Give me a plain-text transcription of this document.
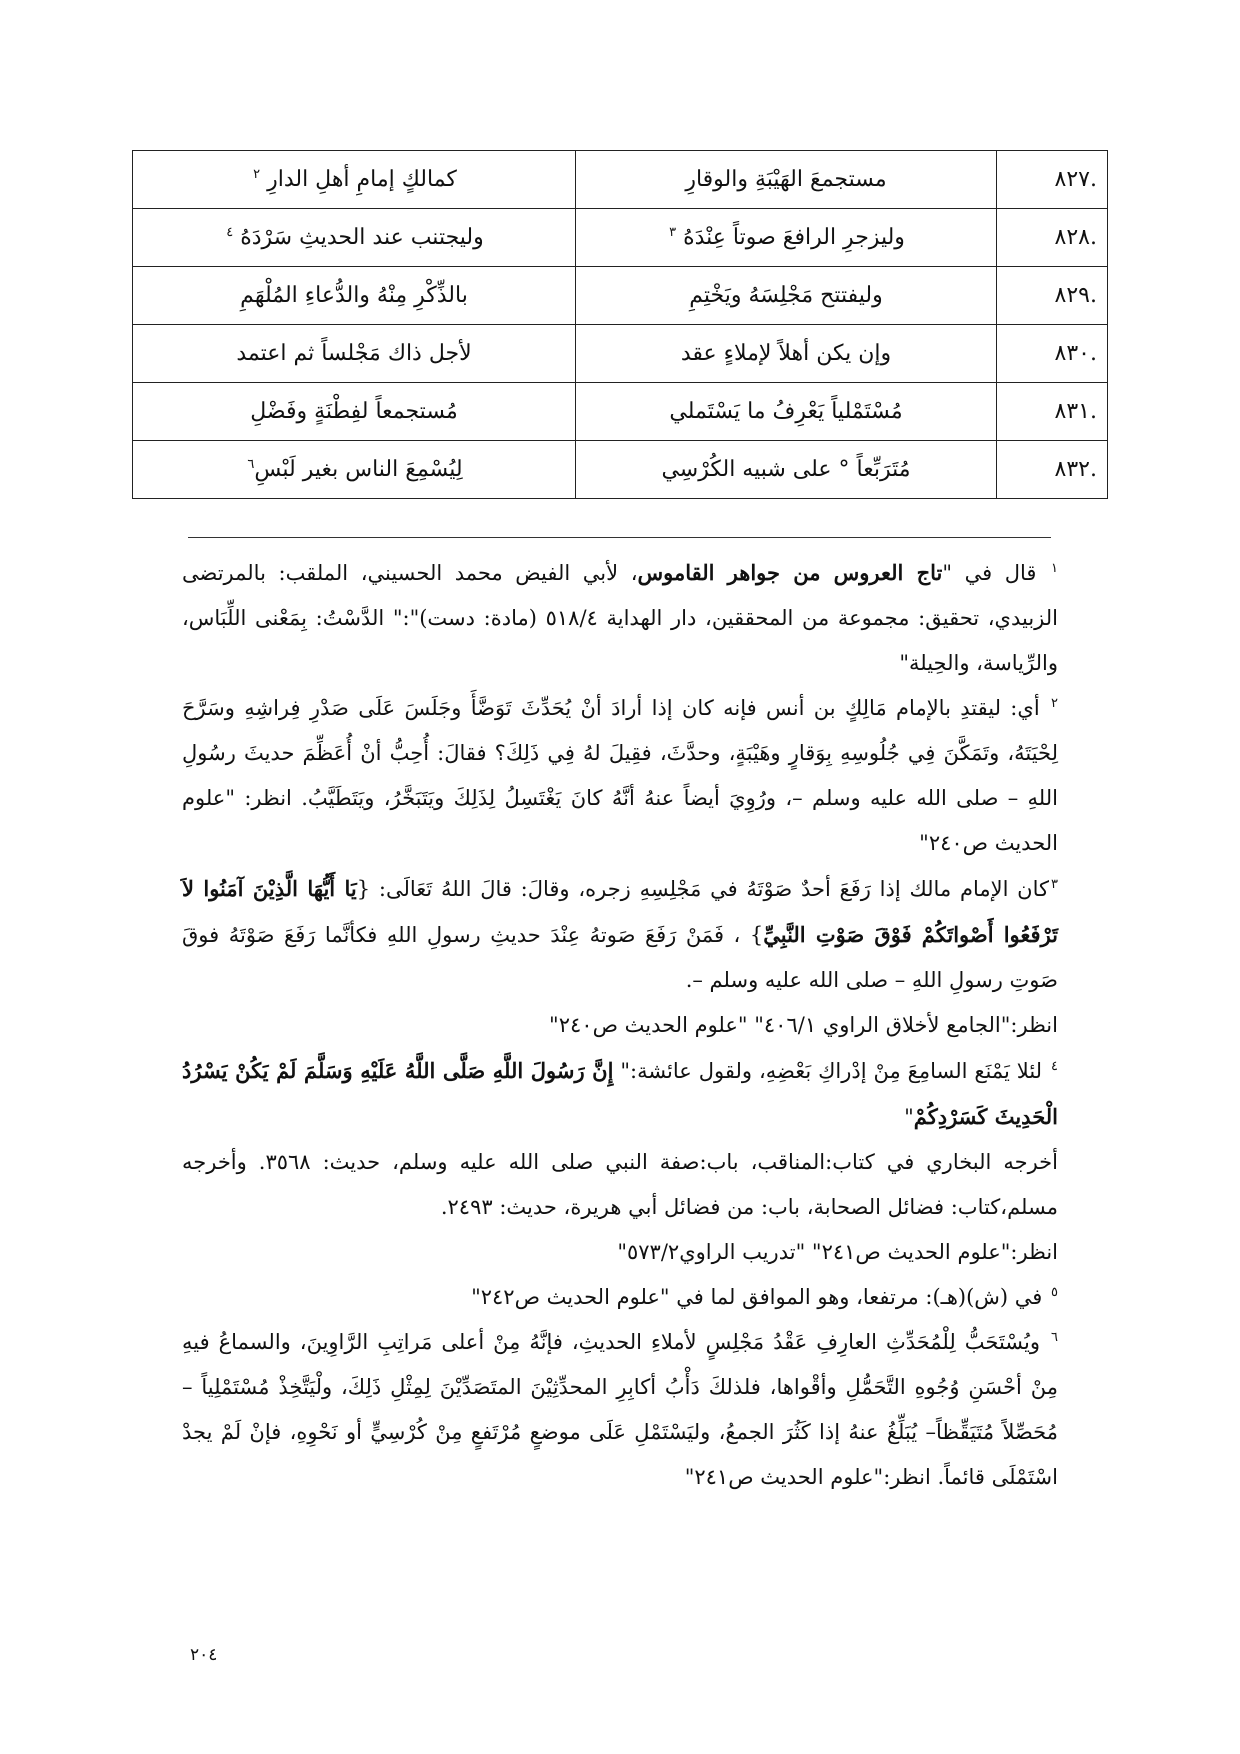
.٨٢٧	مستجمعَ الهَيْبَةِ والوقارِ	كمالكٍ إمامِ أهلِ الدارِ $^٢$
.٨٢٨	وليزجرِ الرافعَ صوتاً عِنْدَهُ $^٣$	وليجتنب عند الحديثِ سَرْدَهُ $^٤$
.٨٢٩	وليفتتح مَجْلِسَهُ ويَخْتِمِ	بالذِّكْرِ مِنْهُ والدُّعاءِ المُلْهَمِ
.٨٣٠	وإن يكن أهلاً لإملاءٍ عقد	لأجل ذاك مَجْلساً ثم اعتمد
.٨٣١	مُسْتَمْلياً يَعْرِفُ ما يَسْتَملي	مُستجمعاً لفِطْنَةٍ وفَضْلِ
.٨٣٢	مُتَرَبِّعاً ° على شبيه الكُرْسِي	لِيُسْمِعَ الناس بغير لَبْسِ$^٦$

$^١$ قال في "تاج العروس من جواهر القاموس، لأبي الفيض محمد الحسيني، الملقب: بالمرتضى الزبيدي، تحقيق: مجموعة من المحققين، دار الهداية ٥١٨/٤ (مادة: دست)":" الدَّسْتُ: بِمَعْنى اللِّبَاس، والرِّياسة، والحِيلة"

$^٢$ أي: ليقتدِ بالإمام مَالِكٍ بن أنس فإنه كان إذا أرادَ أنْ يُحَدِّثَ تَوَضَّأَ وجَلَسَ عَلَى صَدْرِ فِراشِهِ وسَرَّحَ لِحْيَتَهُ، وتَمَكَّنَ فِي جُلُوسِهِ بِوَقارٍ وهَيْبَةٍ، وحدَّثَ، فقِيلَ لهُ فِي ذَلِكَ؟ فقالَ: أُحِبُّ أنْ أُعَظِّمَ حديثَ رسُولِ اللهِ – صلى الله عليه وسلم –، ورُوِيَ أيضاً عنهُ أنَّهُ كانَ يَغْتَسِلُ لِذَلِكَ ويَتَبَخَّرُ، ويَتَطَيَّبُ. انظر: "علوم الحديث ص٢٤٠"

$^٣$كان الإمام مالك إذا رَفَعَ أحدٌ صَوْتَهُ في مَجْلِسِهِ زجره، وقالَ: قالَ اللهُ تَعَالَى: {يَا أَيُّهَا الَّذِيْنَ آمَنُوا لاَ تَرْفَعُوا أَصْواتَكُمْ فَوْقَ صَوْتِ النَّبِيِّ} ، فَمَنْ رَفَعَ صَوتهُ عِنْدَ حديثِ رسولِ اللهِ فكأنَّما رَفَعَ صَوْتَهُ فوقَ صَوتِ رسولِ اللهِ – صلى الله عليه وسلم –.
انظر:"الجامع لأخلاق الراوي ٤٠٦/١" "علوم الحديث ص٢٤٠"

$^٤$ لئلا يَمْنَع السامِعَ مِنْ إدْراكِ بَعْضِهِ، ولقول عائشة:" إِنَّ رَسُولَ اللَّهِ صَلَّى اللَّهُ عَلَيْهِ وَسَلَّمَ لَمْ يَكُنْ يَسْرُدُ الْحَدِيثَ كَسَرْدِكُمْ"
أخرجه البخاري في كتاب:المناقب، باب:صفة النبي صلى الله عليه وسلم، حديث: ٣٥٦٨. وأخرجه مسلم،كتاب: فضائل الصحابة، باب: من فضائل أبي هريرة، حديث: ٢٤٩٣.
انظر:"علوم الحديث ص٢٤١" "تدريب الراوي٥٧٣/٢"

$^٥$ في (ش)(هـ): مرتفعا، وهو الموافق لما في "علوم الحديث ص٢٤٢"

$^٦$ ويُسْتَحَبُّ لِلْمُحَدِّثِ العارِفِ عَقْدُ مَجْلِسٍ لأملاءِ الحديثِ، فإنَّهُ مِنْ أعلى مَراتِبِ الرَّاوِينَ، والسماعُ فيهِ مِنْ أحْسَنِ وُجُوهِ التَّحَمُّلِ وأقْواها، فلذلكَ دَأْبُ أكابِرِ المحدِّثِيْنَ المتَصَدِّيْنَ لِمِثْلِ ذَلِكَ، ولْيَتَّخِذْ مُسْتَمْلِياً – مُحَصِّلاً مُتَيَقِّظاً– يُبَلِّغُ عنهُ إذا كَثُرَ الجمعُ، وليَسْتَمْلِ عَلَى موضعٍ مُرْتَفعٍ مِنْ كُرْسِيٍّ أو نَحْوِهِ، فإنْ لَمْ يجدْ اسْتَمْلَى قائماً. انظر:"علوم الحديث ص٢٤١"

٢٠٤
